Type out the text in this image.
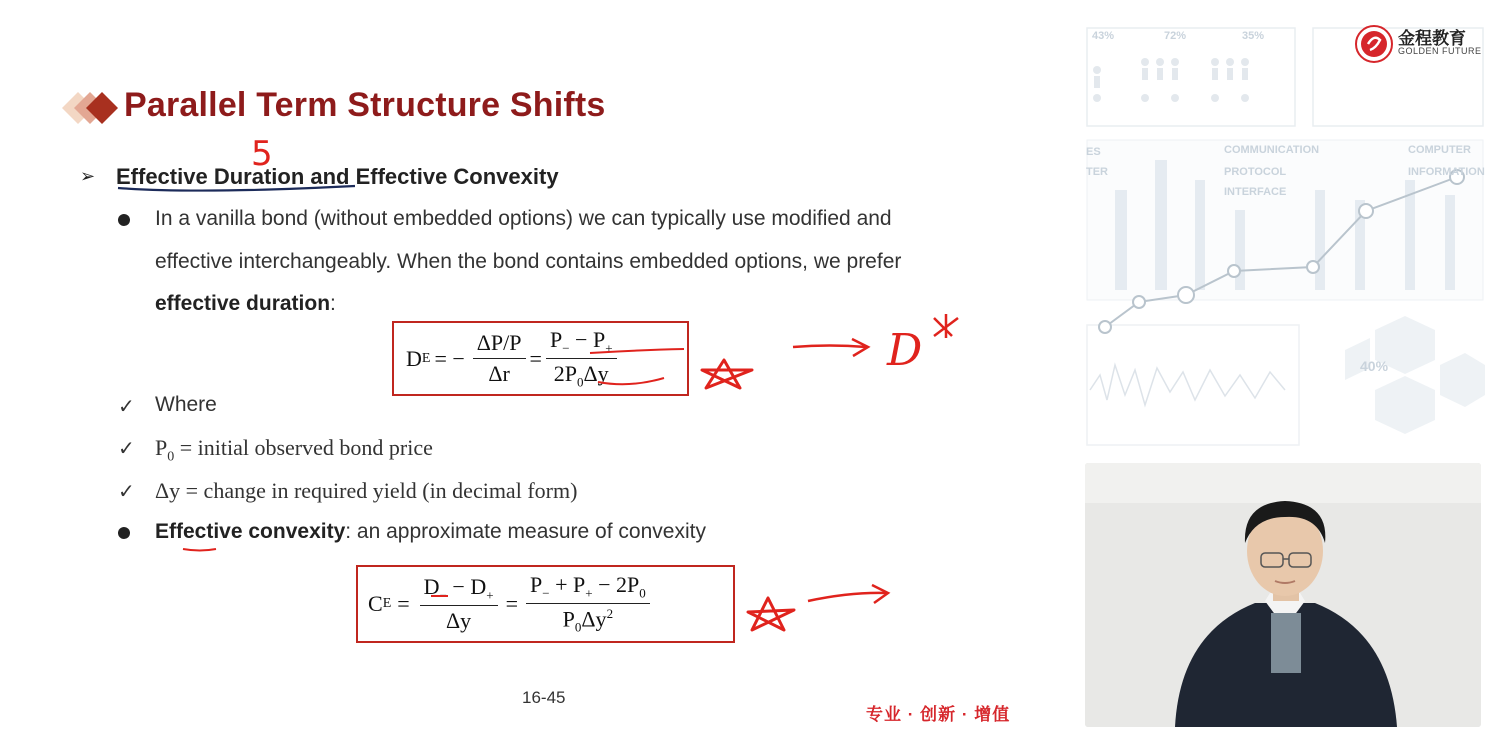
Parallel Term Structure Shifts
➢ Effective Duration and Effective Convexity
In a vanilla bond (without embedded options) we can typically use modified and effective interchangeably. When the bond contains embedded options, we prefer effective duration:
D E = − $\frac{\Delta P/P}{\Delta r} = \frac{P_- - P_+}{2P_0\Delta y}$
✓ Where
✓ $P_0$ = initial observed bond price
✓ Δy = change in required yield (in decimal form)
Effective convexity: an approximate measure of convexity
C $E = \frac{D_- - D_+}{\Delta y} = \frac{P_- + P_+ - 2P_0}{P_0\Delta y^2}$
5
D
16-45
专业 · 创新 · 增值
43%	72%	35%
COMMUNICATION
PROTOCOL
INTERFACE
COMPUTER
INFORMATION
40%
ES
TER
金程教育
GOLDEN FUTURE
